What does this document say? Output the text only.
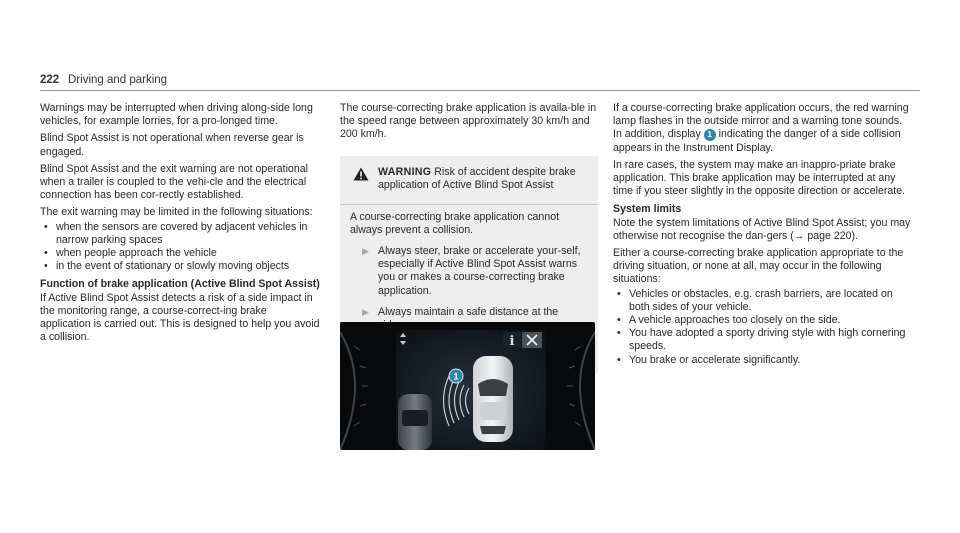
222 Driving and parking

Warnings may be interrupted when driving along-side long vehicles, for example lorries, for a pro-longed time.

Blind Spot Assist is not operational when reverse gear is engaged.

Blind Spot Assist and the exit warning are not operational when a trailer is coupled to the vehi-cle and the electrical connection has been cor-rectly established.

The exit warning may be limited in the following situations:

• when the sensors are covered by adjacent vehicles in narrow parking spaces
• when people approach the vehicle
• in the event of stationary or slowly moving objects

Function of brake application (Active Blind Spot Assist)

If Active Blind Spot Assist detects a risk of a side impact in the monitoring range, a course-correct-ing brake application is carried out. This is designed to help you avoid a collision.

The course-correcting brake application is availa-ble in the speed range between approximately 30 km/h and 200 km/h.

WARNING Risk of accident despite brake application of Active Blind Spot Assist

A course-correcting brake application cannot always prevent a collision.

▶ Always steer, brake or accelerate your-self, especially if Active Blind Spot Assist warns you or makes a course-correcting brake application.
▶ Always maintain a safe distance at the
i
1

If a course-correcting brake application occurs, the red warning lamp flashes in the outside mirror and a warning tone sounds. In addition, display 1 indicating the danger of a side collision appears in the Instrument Display.

In rare cases, the system may make an inappro-priate brake application. This brake application may be interrupted at any time if you steer slightly in the opposite direction or accelerate.

System limits

Note the system limitations of Active Blind Spot Assist; you may otherwise not recognise the dan-gers (→ page 220).

Either a course-correcting brake application appropriate to the driving situation, or none at all, may occur in the following situations:

• Vehicles or obstacles, e.g. crash barriers, are located on both sides of your vehicle.
• A vehicle approaches too closely on the side.
• You have adopted a sporty driving style with high cornering speeds.
• You brake or accelerate significantly.
